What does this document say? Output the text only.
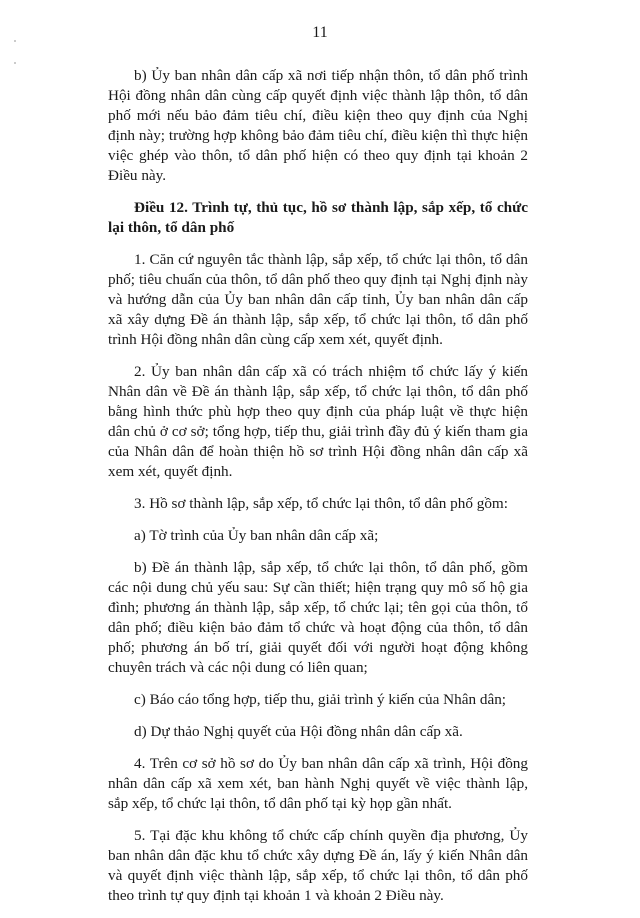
11

b) Ủy ban nhân dân cấp xã nơi tiếp nhận thôn, tổ dân phố trình Hội đồng nhân dân cùng cấp quyết định việc thành lập thôn, tổ dân phố mới nếu bảo đảm tiêu chí, điều kiện theo quy định của Nghị định này; trường hợp không bảo đảm tiêu chí, điều kiện thì thực hiện việc ghép vào thôn, tổ dân phố hiện có theo quy định tại khoản 2 Điều này.

Điều 12. Trình tự, thủ tục, hồ sơ thành lập, sắp xếp, tổ chức lại thôn, tổ dân phố

1. Căn cứ nguyên tắc thành lập, sắp xếp, tổ chức lại thôn, tổ dân phố; tiêu chuẩn của thôn, tổ dân phố theo quy định tại Nghị định này và hướng dẫn của Ủy ban nhân dân cấp tỉnh, Ủy ban nhân dân cấp xã xây dựng Đề án thành lập, sắp xếp, tổ chức lại thôn, tổ dân phố trình Hội đồng nhân dân cùng cấp xem xét, quyết định.

2. Ủy ban nhân dân cấp xã có trách nhiệm tổ chức lấy ý kiến Nhân dân về Đề án thành lập, sắp xếp, tổ chức lại thôn, tổ dân phố bằng hình thức phù hợp theo quy định của pháp luật về thực hiện dân chủ ở cơ sở; tổng hợp, tiếp thu, giải trình đầy đủ ý kiến tham gia của Nhân dân để hoàn thiện hồ sơ trình Hội đồng nhân dân cấp xã xem xét, quyết định.

3. Hồ sơ thành lập, sắp xếp, tổ chức lại thôn, tổ dân phố gồm:

a) Tờ trình của Ủy ban nhân dân cấp xã;

b) Đề án thành lập, sắp xếp, tổ chức lại thôn, tổ dân phố, gồm các nội dung chủ yếu sau: Sự cần thiết; hiện trạng quy mô số hộ gia đình; phương án thành lập, sắp xếp, tổ chức lại; tên gọi của thôn, tổ dân phố; điều kiện bảo đảm tổ chức và hoạt động của thôn, tổ dân phố; phương án bố trí, giải quyết đối với người hoạt động không chuyên trách và các nội dung có liên quan;

c) Báo cáo tổng hợp, tiếp thu, giải trình ý kiến của Nhân dân;

d) Dự thảo Nghị quyết của Hội đồng nhân dân cấp xã.

4. Trên cơ sở hồ sơ do Ủy ban nhân dân cấp xã trình, Hội đồng nhân dân cấp xã xem xét, ban hành Nghị quyết về việc thành lập, sắp xếp, tổ chức lại thôn, tổ dân phố tại kỳ họp gần nhất.

5. Tại đặc khu không tổ chức cấp chính quyền địa phương, Ủy ban nhân dân đặc khu tổ chức xây dựng Đề án, lấy ý kiến Nhân dân và quyết định việc thành lập, sắp xếp, tổ chức lại thôn, tổ dân phố theo trình tự quy định tại khoản 1 và khoản 2 Điều này.
